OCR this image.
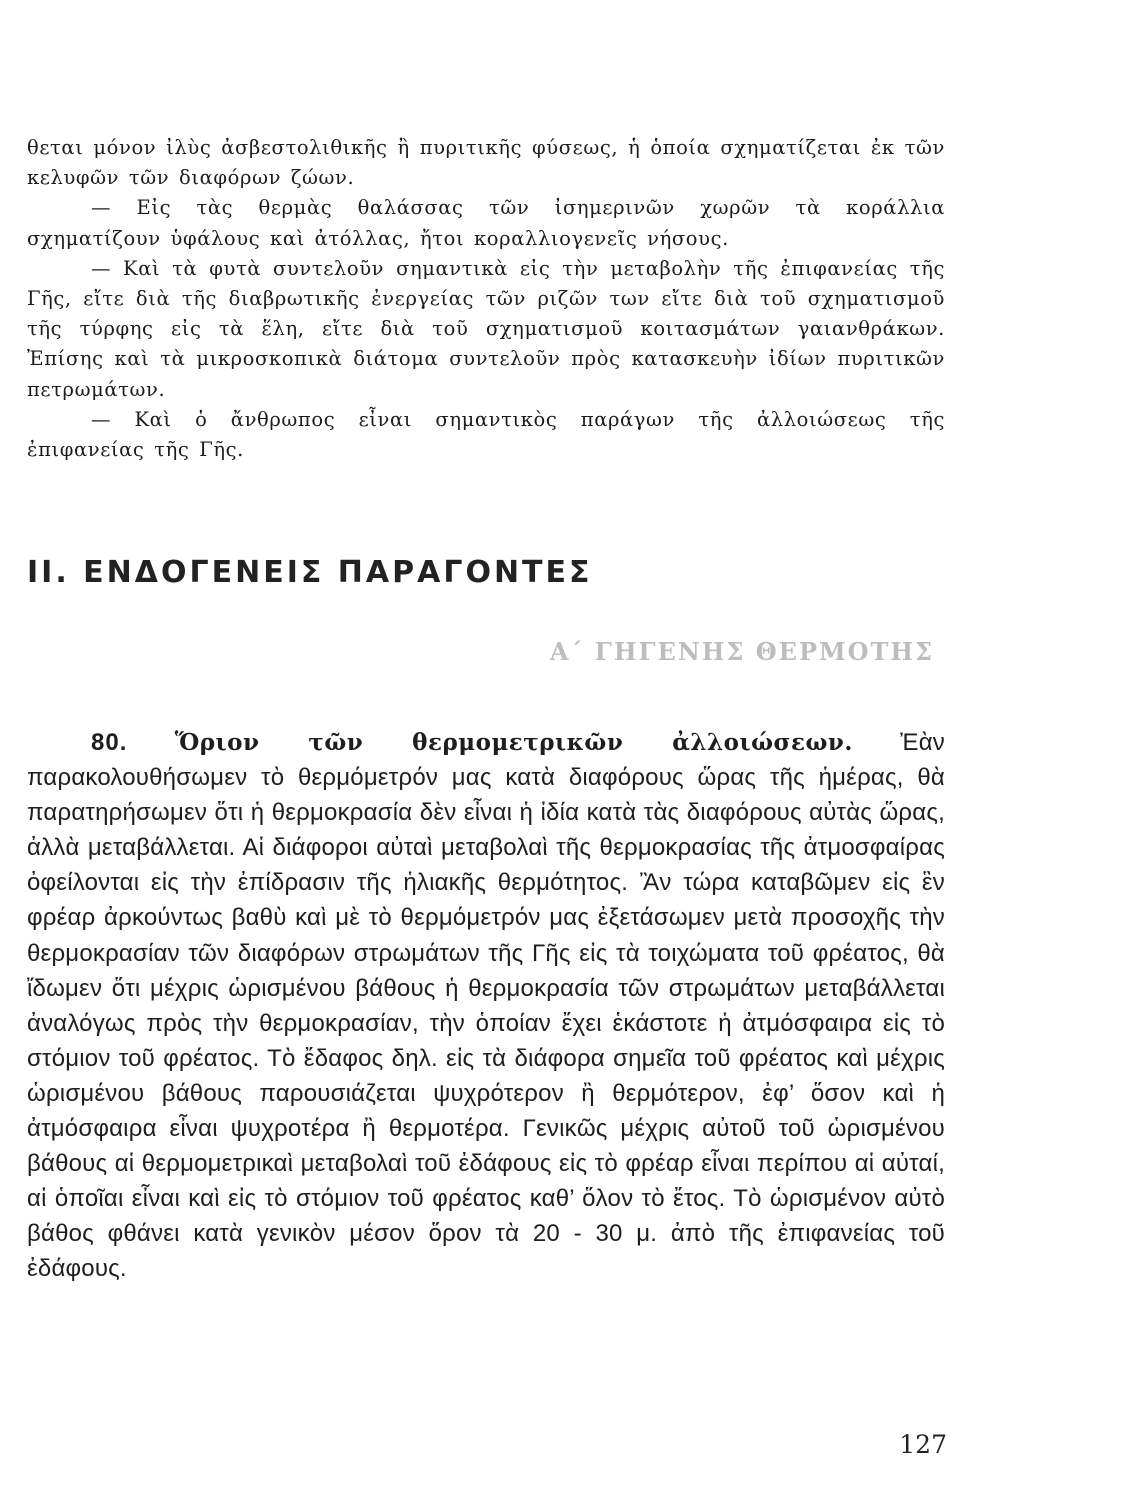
θεται μόνον ἰλὺς ἀσβεστολιθικῆς ἢ πυριτικῆς φύσεως, ἡ ὁποία σχηματίζεται ἐκ τῶν κελυφῶν τῶν διαφόρων ζώων.

— Εἰς τὰς θερμὰς θαλάσσας τῶν ἰσημερινῶν χωρῶν τὰ κοράλλια σχηματίζουν ὑφάλους καὶ ἀτόλλας, ἤτοι κοραλλιογενεῖς νήσους.

— Καὶ τὰ φυτὰ συντελοῦν σημαντικὰ εἰς τὴν μεταβολὴν τῆς ἐπιφανείας τῆς Γῆς, εἴτε διὰ τῆς διαβρωτικῆς ἐνεργείας τῶν ριζῶν των εἴτε διὰ τοῦ σχηματισμοῦ τῆς τύρφης εἰς τὰ ἕλη, εἴτε διὰ τοῦ σχηματισμοῦ κοιτασμάτων γαιανθράκων. Ἐπίσης καὶ τὰ μικροσκοπικὰ διάτομα συντελοῦν πρὸς κατασκευὴν ἰδίων πυριτικῶν πετρωμάτων.

— Καὶ ὁ ἄνθρωπος εἶναι σημαντικὸς παράγων τῆς ἀλλοιώσεως τῆς ἐπιφανείας τῆς Γῆς.

II. ΕΝΔΟΓΕΝΕΙΣ ΠΑΡΑΓΟΝΤΕΣ
Α΄ ΓΗΓΕΝΗΣ ΘΕΡΜΟΤΗΣ

80. Ὅριον τῶν θερμομετρικῶν ἀλλοιώσεων. Ἐὰν παρακολουθήσωμεν τὸ θερμόμετρόν μας κατὰ διαφόρους ὥρας τῆς ἡμέρας, θὰ παρατηρήσωμεν ὅτι ἡ θερμοκρασία δὲν εἶναι ἡ ἰδία κατὰ τὰς διαφόρους αὐτὰς ὥρας, ἀλλὰ μεταβάλλεται. Αἱ διάφοροι αὐταὶ μεταβολαὶ τῆς θερμοκρασίας τῆς ἀτμοσφαίρας ὀφείλονται εἰς τὴν ἐπίδρασιν τῆς ἡλιακῆς θερμότητος. Ἂν τώρα καταβῶμεν εἰς ἓν φρέαρ ἀρκούντως βαθὺ καὶ μὲ τὸ θερμόμετρόν μας ἐξετάσωμεν μετὰ προσοχῆς τὴν θερμοκρασίαν τῶν διαφόρων στρωμάτων τῆς Γῆς εἰς τὰ τοιχώματα τοῦ φρέατος, θὰ ἴδωμεν ὅτι μέχρις ὡρισμένου βάθους ἡ θερμοκρασία τῶν στρωμάτων μεταβάλλεται ἀναλόγως πρὸς τὴν θερμοκρασίαν, τὴν ὁποίαν ἔχει ἑκάστοτε ἡ ἀτμόσφαιρα εἰς τὸ στόμιον τοῦ φρέατος. Τὸ ἔδαφος δηλ. εἰς τὰ διάφορα σημεῖα τοῦ φρέατος καὶ μέχρις ὡρισμένου βάθους παρουσιάζεται ψυχρότερον ἢ θερμότερον, ἐφ’ ὅσον καὶ ἡ ἀτμόσφαιρα εἶναι ψυχροτέρα ἢ θερμοτέρα. Γενικῶς μέχρις αὐτοῦ τοῦ ὡρισμένου βάθους αἱ θερμομετρικαὶ μεταβολαὶ τοῦ ἐδάφους εἰς τὸ φρέαρ εἶναι περίπου αἱ αὐταί, αἱ ὁποῖαι εἶναι καὶ εἰς τὸ στόμιον τοῦ φρέατος καθ’ ὅλον τὸ ἔτος. Τὸ ὡρισμένον αὐτὸ βάθος φθάνει κατὰ γενικὸν μέσον ὅρον τὰ 20 - 30 μ. ἀπὸ τῆς ἐπιφανείας τοῦ ἐδάφους.

127
